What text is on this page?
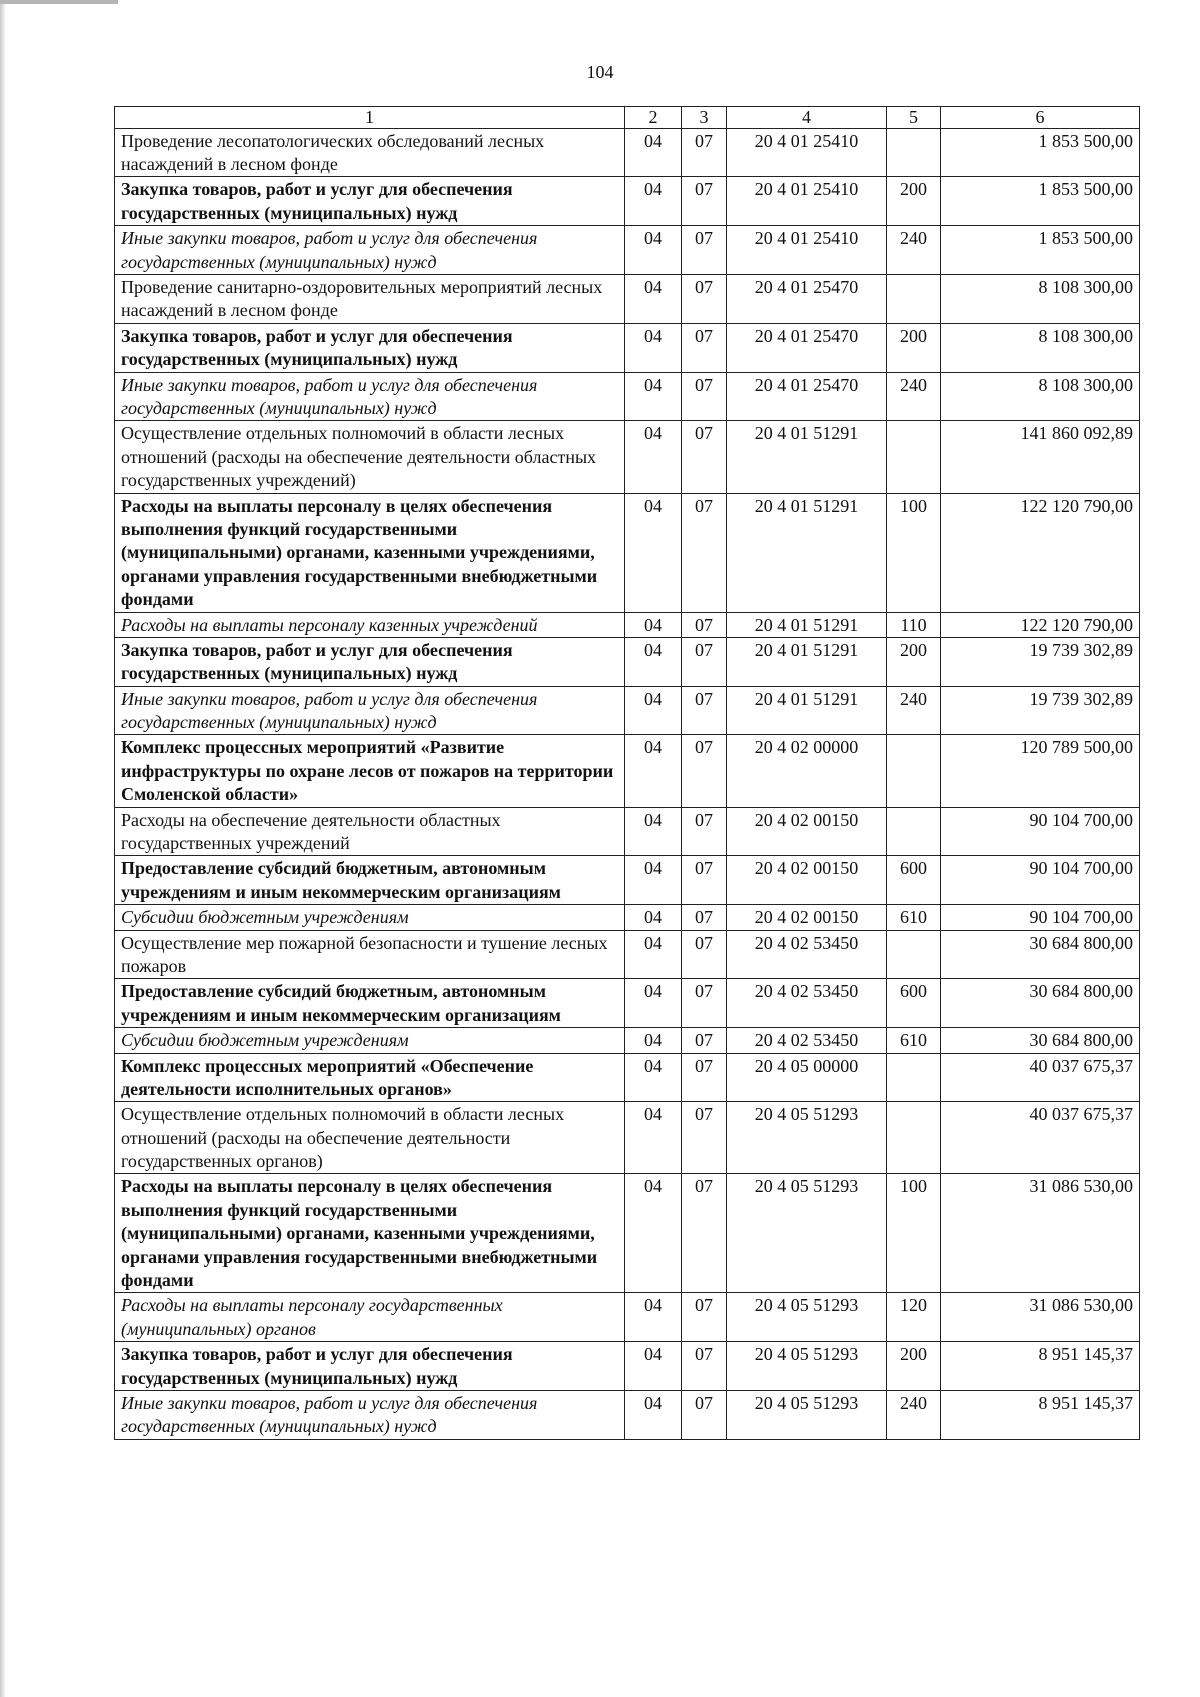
104
1	2	3	4	5	6
Проведение лесопатологических обследований лесных насаждений в лесном фонде	04	07	20 4 01 25410		1 853 500,00
Закупка товаров, работ и услуг для обеспечения государственных (муниципальных) нужд	04	07	20 4 01 25410	200	1 853 500,00
Иные закупки товаров, работ и услуг для обеспечения государственных (муниципальных) нужд	04	07	20 4 01 25410	240	1 853 500,00
Проведение санитарно-оздоровительных мероприятий лесных насаждений в лесном фонде	04	07	20 4 01 25470		8 108 300,00
Закупка товаров, работ и услуг для обеспечения государственных (муниципальных) нужд	04	07	20 4 01 25470	200	8 108 300,00
Иные закупки товаров, работ и услуг для обеспечения государственных (муниципальных) нужд	04	07	20 4 01 25470	240	8 108 300,00
Осуществление отдельных полномочий в области лесных отношений (расходы на обеспечение деятельности областных государственных учреждений)	04	07	20 4 01 51291		141 860 092,89
Расходы на выплаты персоналу в целях обеспечения выполнения функций государственными (муниципальными) органами, казенными учреждениями, органами управления государственными внебюджетными фондами	04	07	20 4 01 51291	100	122 120 790,00
Расходы на выплаты персоналу казенных учреждений	04	07	20 4 01 51291	110	122 120 790,00
Закупка товаров, работ и услуг для обеспечения государственных (муниципальных) нужд	04	07	20 4 01 51291	200	19 739 302,89
Иные закупки товаров, работ и услуг для обеспечения государственных (муниципальных) нужд	04	07	20 4 01 51291	240	19 739 302,89
Комплекс процессных мероприятий «Развитие инфраструктуры по охране лесов от пожаров на территории Смоленской области»	04	07	20 4 02 00000		120 789 500,00
Расходы на обеспечение деятельности областных государственных учреждений	04	07	20 4 02 00150		90 104 700,00
Предоставление субсидий бюджетным, автономным учреждениям и иным некоммерческим организациям	04	07	20 4 02 00150	600	90 104 700,00
Субсидии бюджетным учреждениям	04	07	20 4 02 00150	610	90 104 700,00
Осуществление мер пожарной безопасности и тушение лесных пожаров	04	07	20 4 02 53450		30 684 800,00
Предоставление субсидий бюджетным, автономным учреждениям и иным некоммерческим организациям	04	07	20 4 02 53450	600	30 684 800,00
Субсидии бюджетным учреждениям	04	07	20 4 02 53450	610	30 684 800,00
Комплекс процессных мероприятий «Обеспечение деятельности исполнительных органов»	04	07	20 4 05 00000		40 037 675,37
Осуществление отдельных полномочий в области лесных отношений (расходы на обеспечение деятельности государственных органов)	04	07	20 4 05 51293		40 037 675,37
Расходы на выплаты персоналу в целях обеспечения выполнения функций государственными (муниципальными) органами, казенными учреждениями, органами управления государственными внебюджетными фондами	04	07	20 4 05 51293	100	31 086 530,00
Расходы на выплаты персоналу государственных (муниципальных) органов	04	07	20 4 05 51293	120	31 086 530,00
Закупка товаров, работ и услуг для обеспечения государственных (муниципальных) нужд	04	07	20 4 05 51293	200	8 951 145,37
Иные закупки товаров, работ и услуг для обеспечения государственных (муниципальных) нужд	04	07	20 4 05 51293	240	8 951 145,37
